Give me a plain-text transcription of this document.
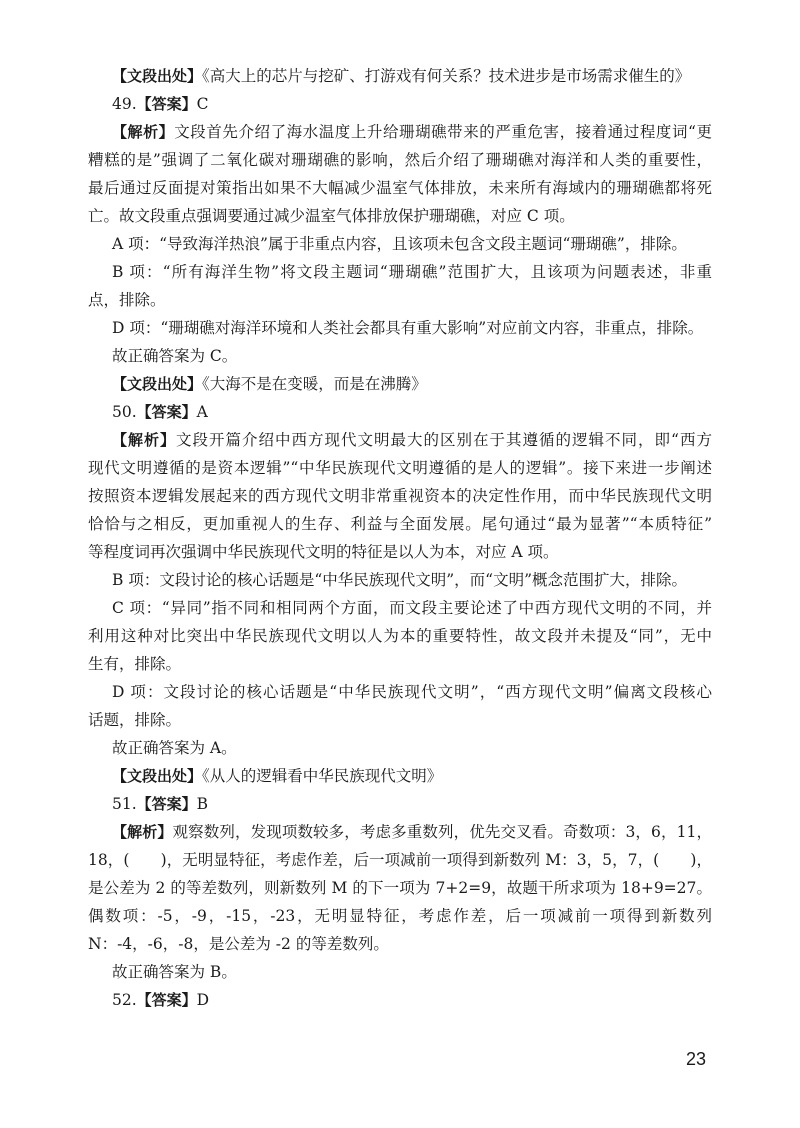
【文段出处】《高大上的芯片与挖矿、打游戏有何关系？技术进步是市场需求催生的》
49.【答案】C
【解析】文段首先介绍了海水温度上升给珊瑚礁带来的严重危害，接着通过程度词“更
糟糕的是”强调了二氧化碳对珊瑚礁的影响，然后介绍了珊瑚礁对海洋和人类的重要性，
最后通过反面提对策指出如果不大幅减少温室气体排放，未来所有海域内的珊瑚礁都将死
亡。故文段重点强调要通过减少温室气体排放保护珊瑚礁，对应 C 项。
A 项：“导致海洋热浪”属于非重点内容，且该项未包含文段主题词“珊瑚礁”，排除。
B 项：“所有海洋生物”将文段主题词“珊瑚礁”范围扩大，且该项为问题表述，非重
点，排除。
D 项：“珊瑚礁对海洋环境和人类社会都具有重大影响”对应前文内容，非重点，排除。
故正确答案为 C。
【文段出处】《大海不是在变暖，而是在沸腾》
50.【答案】A
【解析】文段开篇介绍中西方现代文明最大的区别在于其遵循的逻辑不同，即“西方
现代文明遵循的是资本逻辑”“中华民族现代文明遵循的是人的逻辑”。接下来进一步阐述
按照资本逻辑发展起来的西方现代文明非常重视资本的决定性作用，而中华民族现代文明
恰恰与之相反，更加重视人的生存、利益与全面发展。尾句通过“最为显著”“本质特征”
等程度词再次强调中华民族现代文明的特征是以人为本，对应 A 项。
B 项：文段讨论的核心话题是“中华民族现代文明”，而“文明”概念范围扩大，排除。
C 项：“异同”指不同和相同两个方面，而文段主要论述了中西方现代文明的不同，并
利用这种对比突出中华民族现代文明以人为本的重要特性，故文段并未提及“同”，无中
生有，排除。
D 项：文段讨论的核心话题是“中华民族现代文明”，“西方现代文明”偏离文段核心
话题，排除。
故正确答案为 A。
【文段出处】《从人的逻辑看中华民族现代文明》
51.【答案】B
【解析】观察数列，发现项数较多，考虑多重数列，优先交叉看。奇数项：3，6，11，
18，(　　)，无明显特征，考虑作差，后一项减前一项得到新数列 M：3，5，7，(　　)，
是公差为 2 的等差数列，则新数列 M 的下一项为 7+2=9，故题干所求项为 18+9=27。
偶数项：-5，-9，-15，-23，无明显特征，考虑作差，后一项减前一项得到新数列
N：-4，-6，-8，是公差为 -2 的等差数列。
故正确答案为 B。
52.【答案】D
23
